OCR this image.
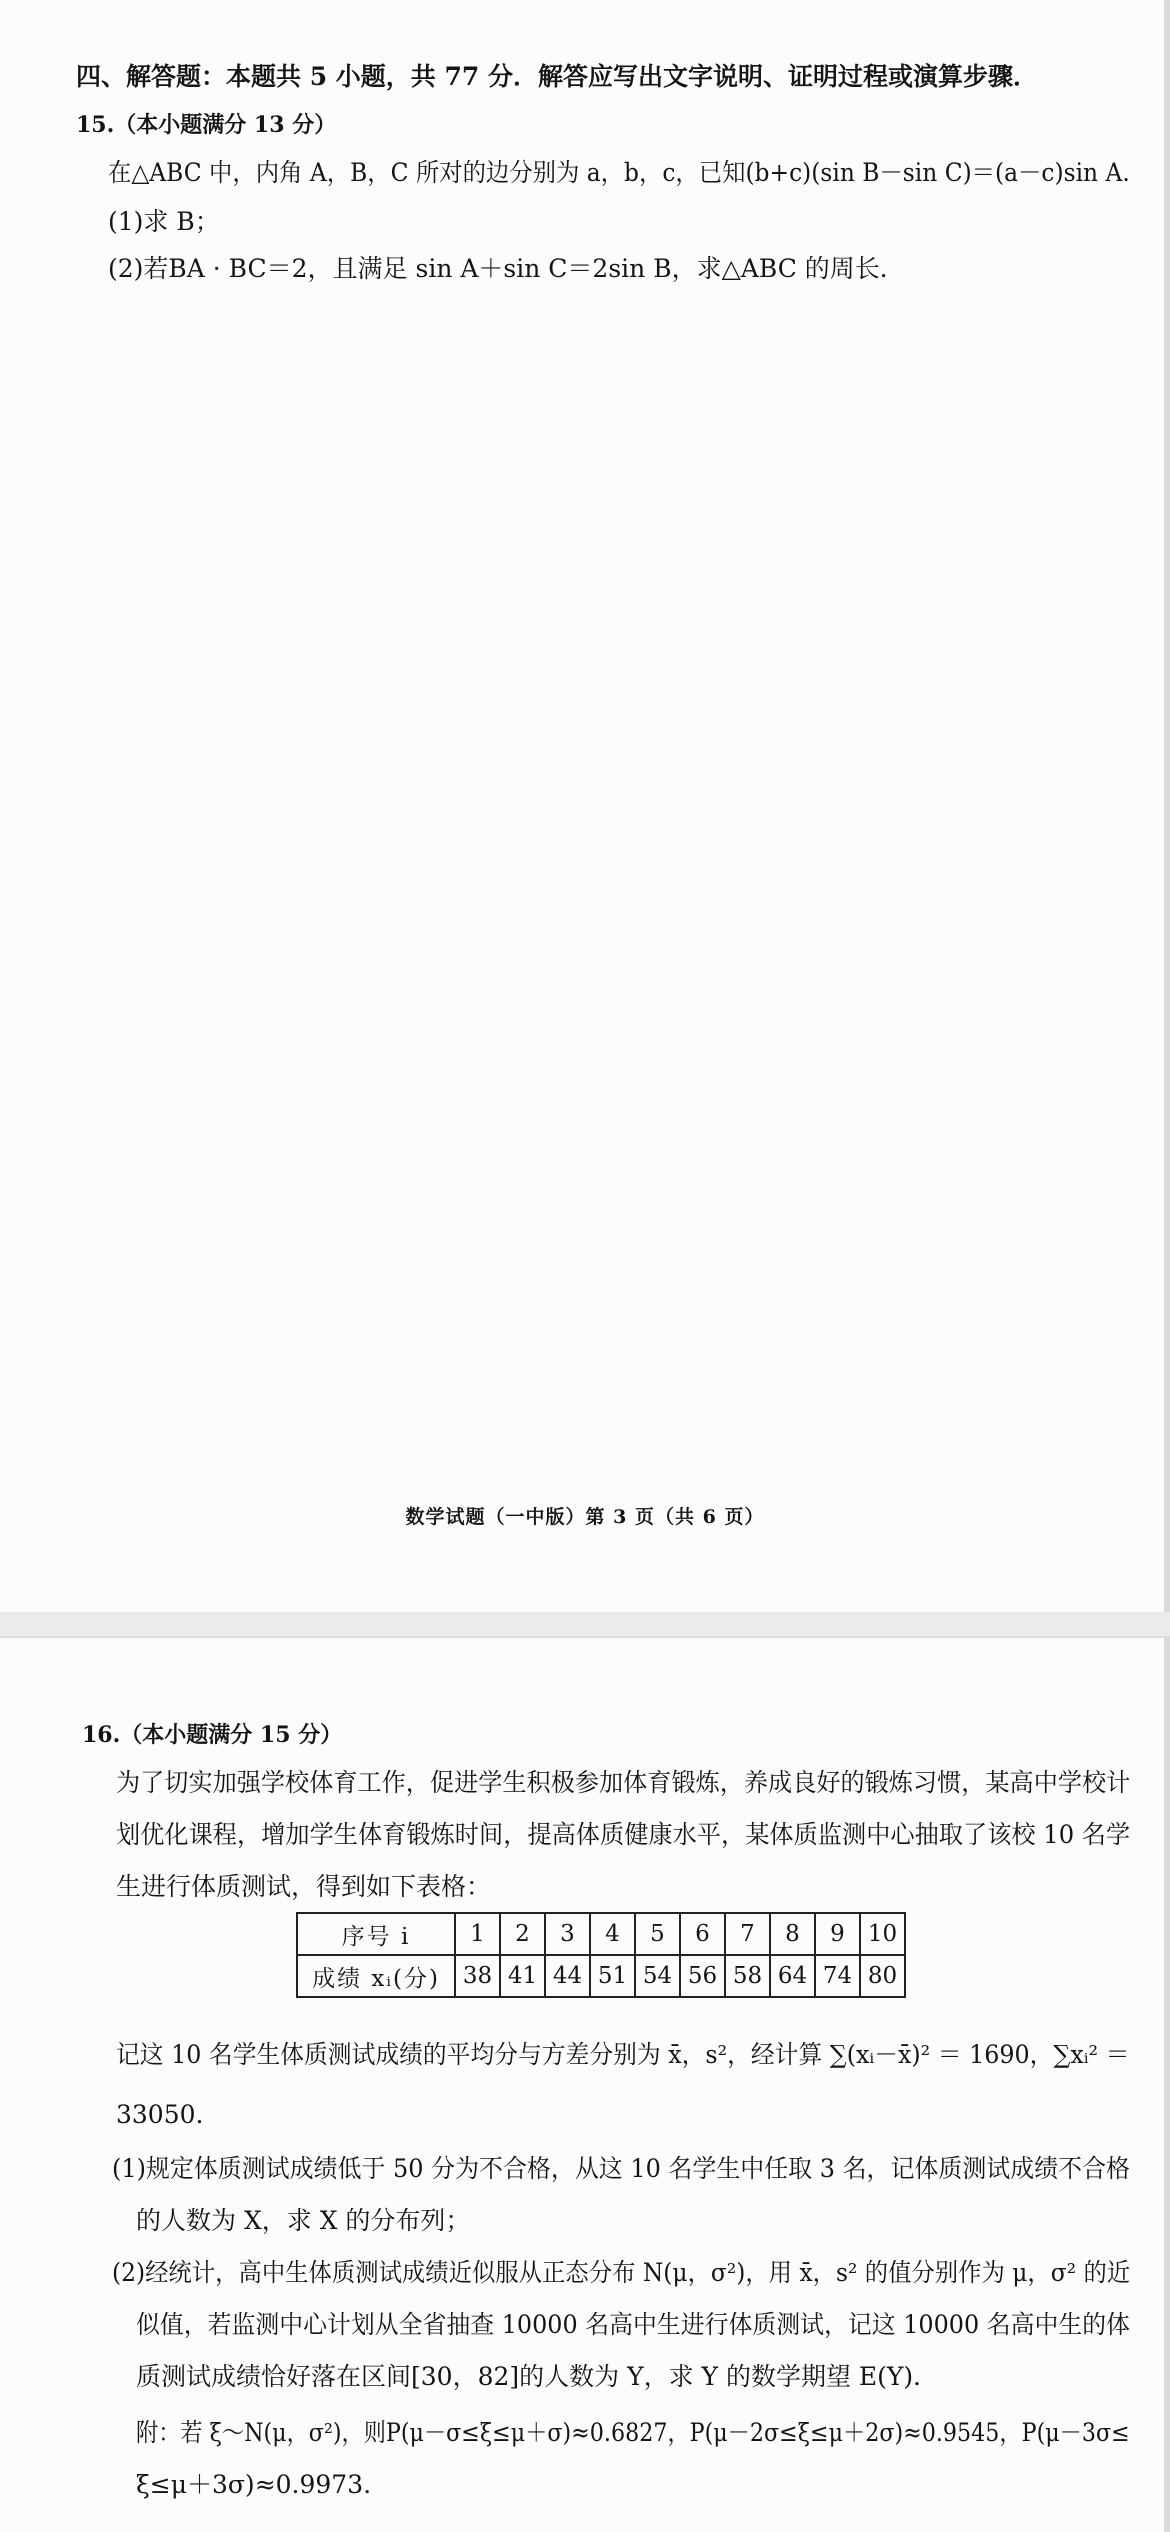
四、解答题：本题共 5 小题，共 77 分．解答应写出文字说明、证明过程或演算步骤．
15.（本小题满分 13 分）
在△ABC 中，内角 A，B，C 所对的边分别为 a，b，c，已知(b+c)(sin B－sin C)＝(a－c)sin A.
(1)求 B；
(2)若BA · BC＝2，且满足 sin A＋sin C＝2sin B，求△ABC 的周长．
数学试题（一中版）第 3 页（共 6 页）
16.（本小题满分 15 分）
为了切实加强学校体育工作，促进学生积极参加体育锻炼，养成良好的锻炼习惯，某高中学校计
划优化课程，增加学生体育锻炼时间，提高体质健康水平，某体质监测中心抽取了该校 10 名学
生进行体质测试，得到如下表格：
序号 i	1	2	3	4	5	6	7	8	9	10
成绩 xᵢ(分)	38	41	44	51	54	56	58	64	74	80
记这 10 名学生体质测试成绩的平均分与方差分别为 x̄，s²，经计算 ∑(xᵢ－x̄)² ＝ 1690，∑xᵢ² ＝
33050.
(1)规定体质测试成绩低于 50 分为不合格，从这 10 名学生中任取 3 名，记体质测试成绩不合格
的人数为 X，求 X 的分布列；
(2)经统计，高中生体质测试成绩近似服从正态分布 N(μ，σ²)，用 x̄，s² 的值分别作为 μ，σ² 的近
似值，若监测中心计划从全省抽查 10000 名高中生进行体质测试，记这 10000 名高中生的体
质测试成绩恰好落在区间[30，82]的人数为 Y，求 Y 的数学期望 E(Y)．
附：若 ξ～N(μ，σ²)，则P(μ－σ≤ξ≤μ＋σ)≈0.6827，P(μ－2σ≤ξ≤μ＋2σ)≈0.9545，P(μ－3σ≤
ξ≤μ＋3σ)≈0.9973.
